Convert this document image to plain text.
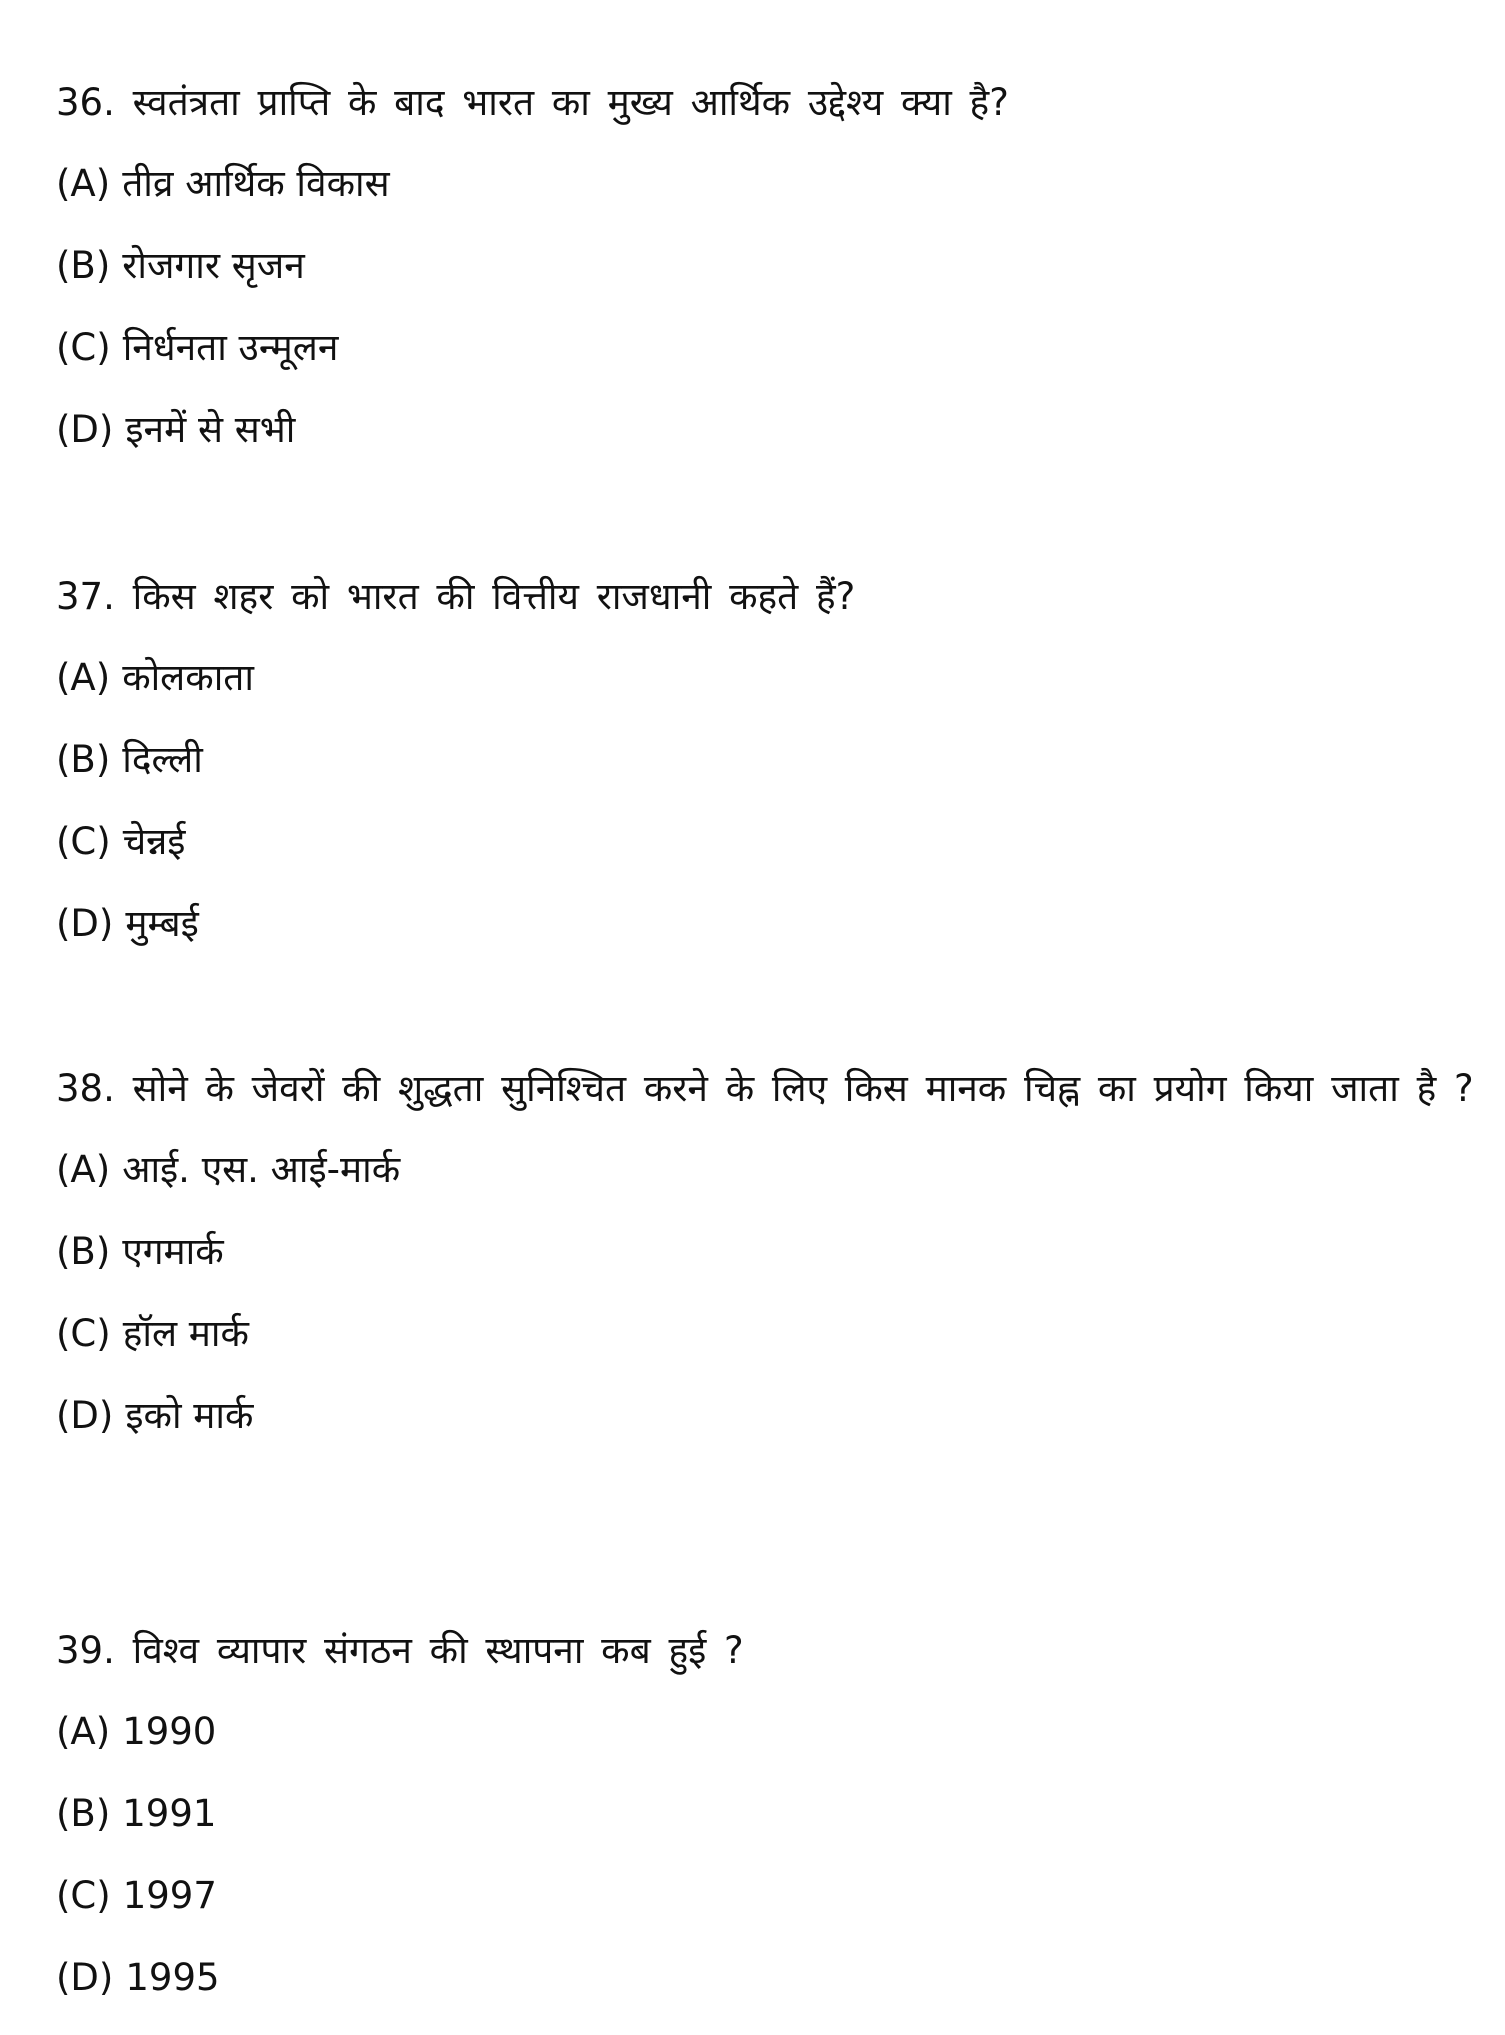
36. स्वतंत्रता प्राप्ति के बाद भारत का मुख्य आर्थिक उद्देश्य क्या है?
(A) तीव्र आर्थिक विकास
(B) रोजगार सृजन
(C) निर्धनता उन्मूलन
(D) इनमें से सभी
37. किस शहर को भारत की वित्तीय राजधानी कहते हैं?
(A) कोलकाता
(B) दिल्ली
(C) चेन्नई
(D) मुम्बई
38. सोने के जेवरों की शुद्धता सुनिश्चित करने के लिए किस मानक चिह्न का प्रयोग किया जाता है ?
(A) आई. एस. आई-मार्क
(B) एगमार्क
(C) हॉल मार्क
(D) इको मार्क
39. विश्व व्यापार संगठन की स्थापना कब हुई ?
(A) 1990
(B) 1991
(C) 1997
(D) 1995
